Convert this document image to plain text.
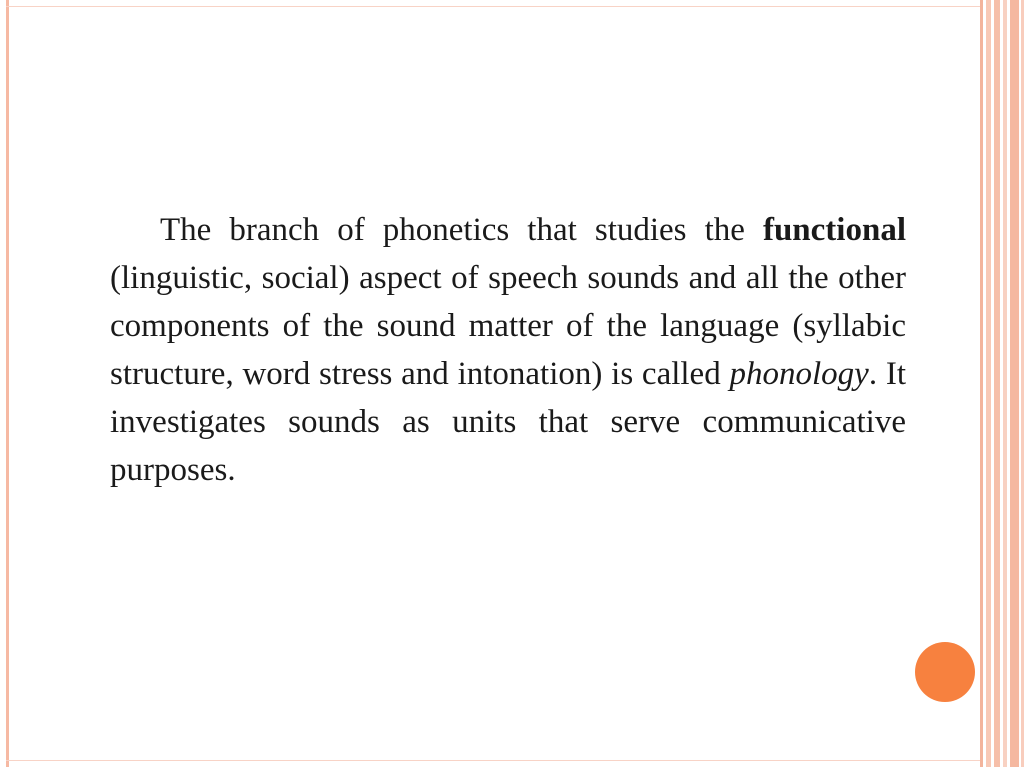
The branch of phonetics that studies the functional (linguistic, social) aspect of speech sounds and all the other components of the sound matter of the language (syllabic structure, word stress and intonation) is called phonology. It investigates sounds as units that serve communicative purposes.
